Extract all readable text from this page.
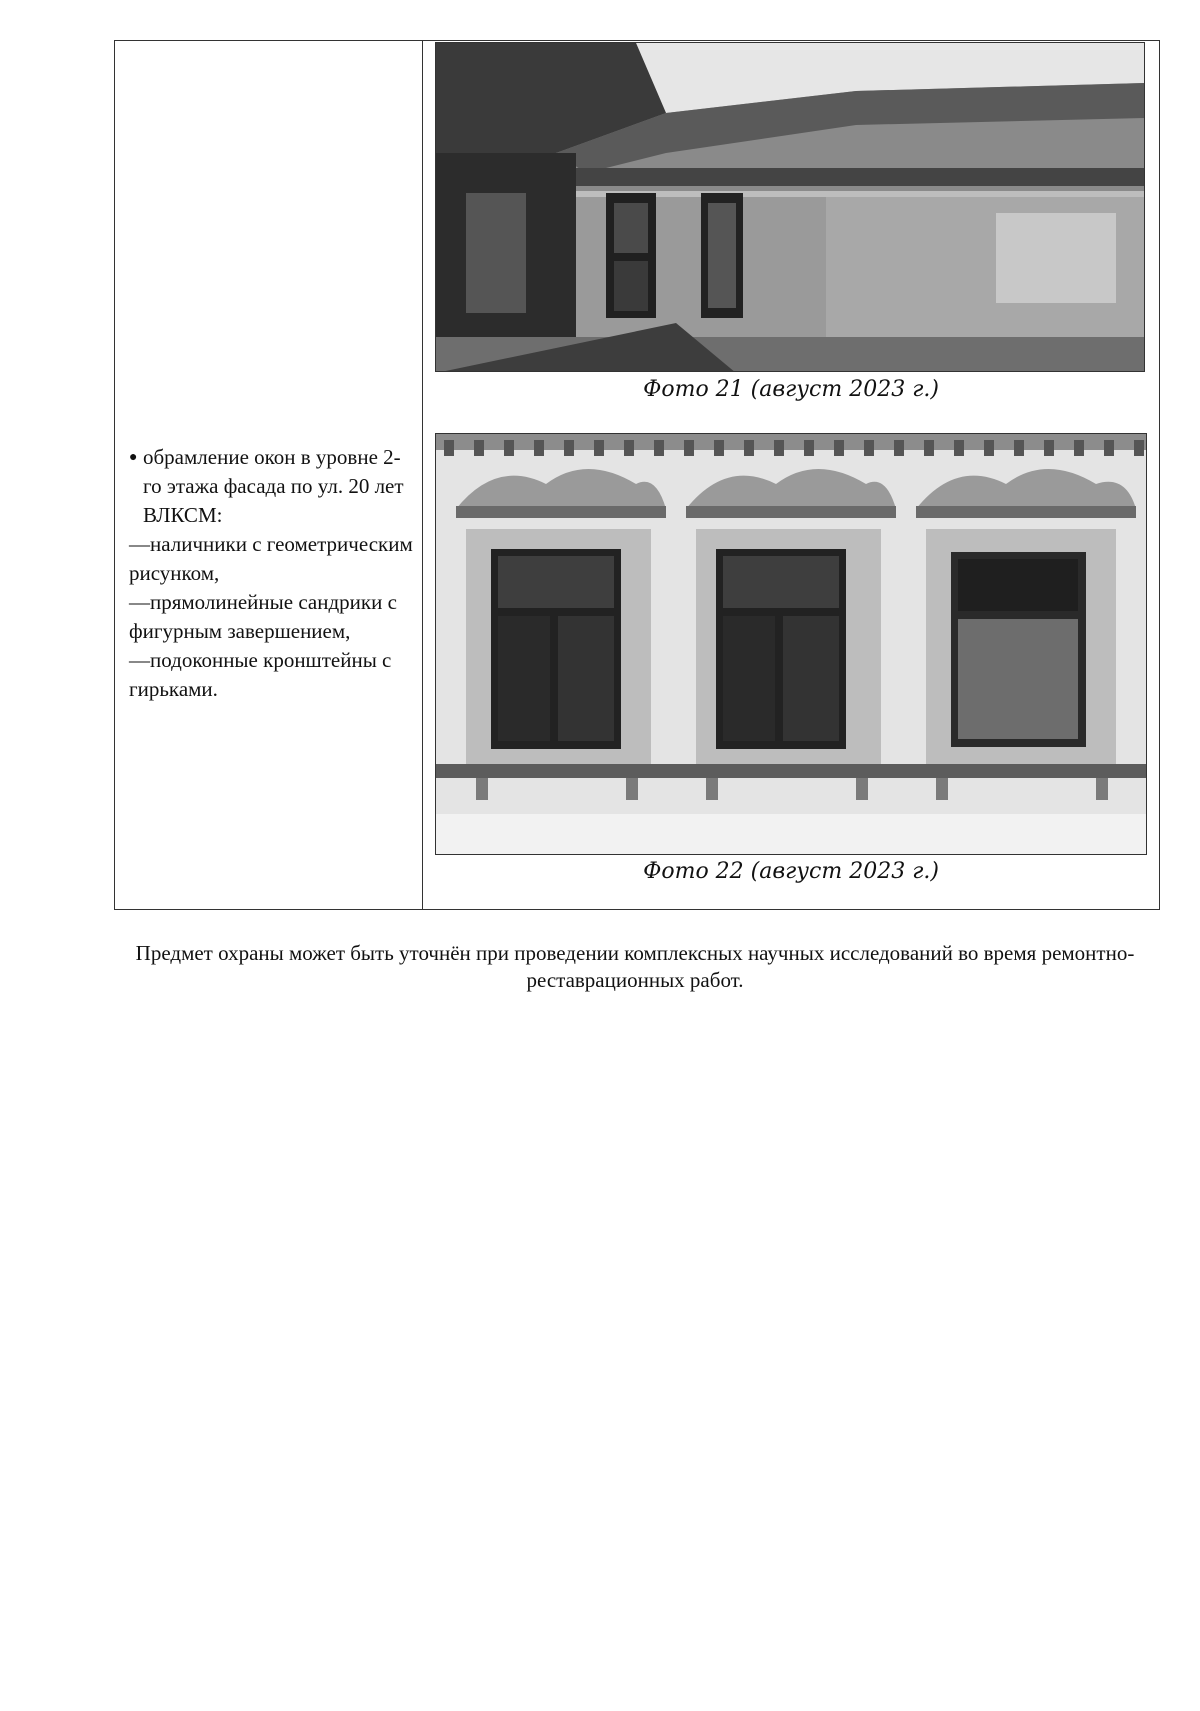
● обрамление окон в уровне 2-го этажа фасада по ул. 20 лет ВЛКСМ:

—наличники с геометрическим рисунком,

—прямолинейные сандрики с фигурным завершением,

—подоконные кронштейны с гирьками.

Фото 21 (август 2023 г.)
Фото 22 (август 2023 г.)
Предмет охраны может быть уточнён при проведении комплексных научных исследований во время ремонтно-реставрационных работ.
